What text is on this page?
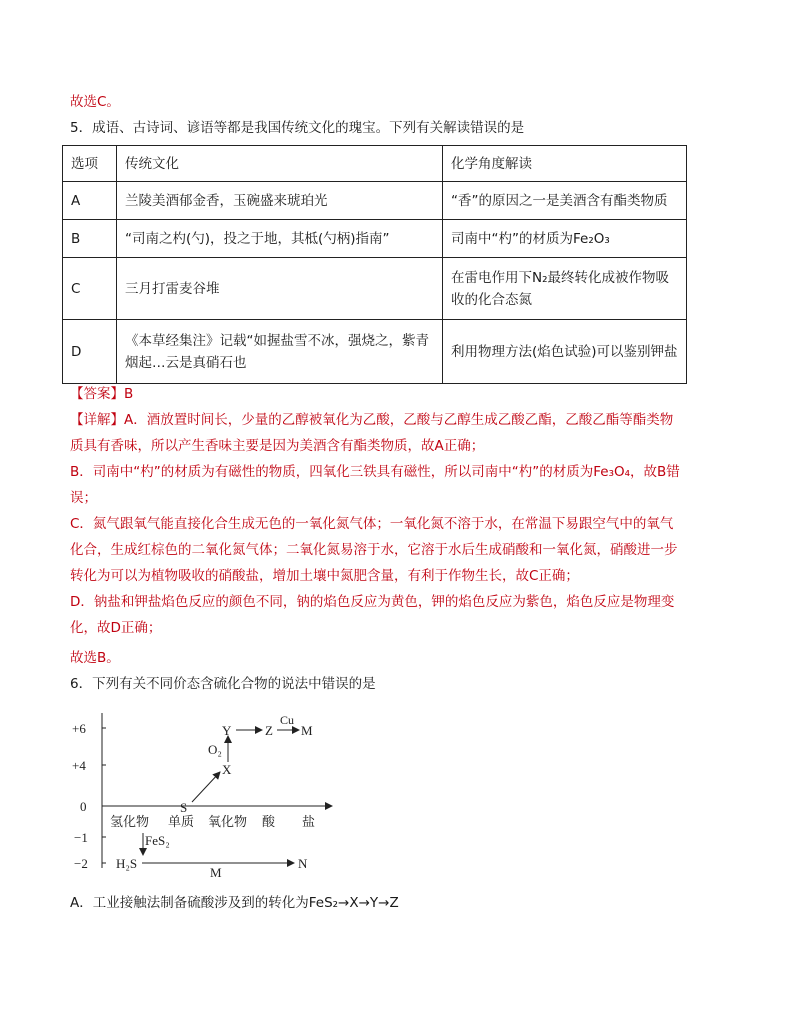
故选C。
5．成语、古诗词、谚语等都是我国传统文化的瑰宝。下列有关解读错误的是
选项	传统文化	化学角度解读
A	兰陵美酒郁金香，玉碗盛来琥珀光	“香”的原因之一是美酒含有酯类物质
B	“司南之杓(勺)，投之于地，其柢(勺柄)指南”	司南中“杓”的材质为Fe₂O₃
C	三月打雷麦谷堆	在雷电作用下N₂最终转化成被作物吸收的化合态氮
D	《本草经集注》记载“如握盐雪不冰，强烧之，紫青烟起…云是真硝石也	利用物理方法(焰色试验)可以鉴别钾盐
【答案】B
【详解】A．酒放置时间长，少量的乙醇被氧化为乙酸，乙酸与乙醇生成乙酸乙酯，乙酸乙酯等酯类物质具有香味，所以产生香味主要是因为美酒含有酯类物质，故A正确；
B．司南中“杓”的材质为有磁性的物质，四氧化三铁具有磁性，所以司南中“杓”的材质为Fe₃O₄，故B错误；
C．氮气跟氧气能直接化合生成无色的一氧化氮气体；一氧化氮不溶于水，在常温下易跟空气中的氧气化合，生成红棕色的二氧化氮气体；二氧化氮易溶于水，它溶于水后生成硝酸和一氧化氮，硝酸进一步转化为可以为植物吸收的硝酸盐，增加土壤中氮肥含量，有利于作物生长，故C正确；
D．钠盐和钾盐焰色反应的颜色不同，钠的焰色反应为黄色，钾的焰色反应为紫色，焰色反应是物理变化，故D正确；
故选B。
6．下列有关不同价态含硫化合物的说法中错误的是
+6
+4
0
−1
−2
氢化物 单质 氧化物 酸 盐
S
X
Y	Z M
FeS₂
H₂S	N
M
O₂
Cu
A．工业接触法制备硫酸涉及到的转化为FeS₂→X→Y→Z
